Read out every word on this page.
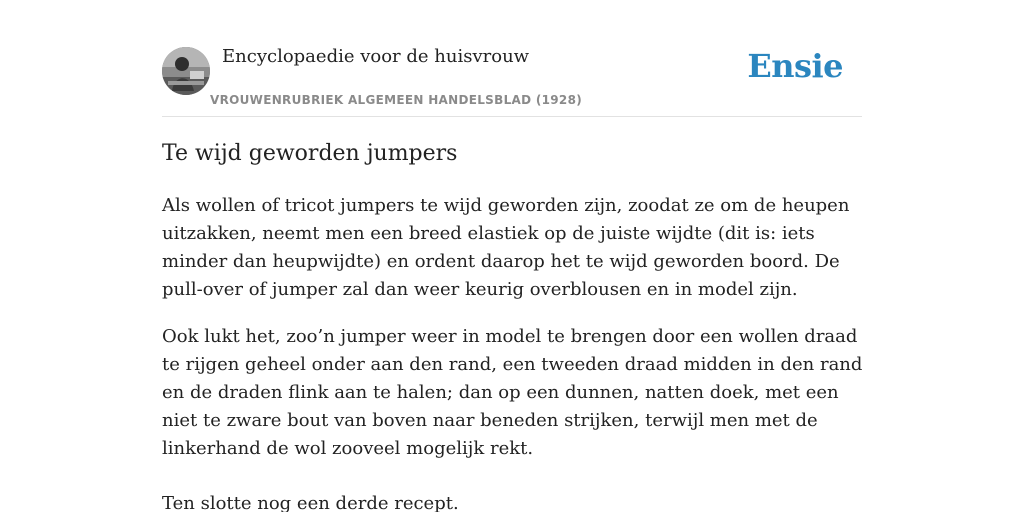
Encyclopaedie voor de huisvrouw
VROUWENRUBRIEK ALGEMEEN HANDELSBLAD (1928)
Ensie
Te wijd geworden jumpers

Als wollen of tricot jumpers te wijd geworden zijn, zoodat ze om de heupen uitzakken, neemt men een breed elastiek op de juiste wijdte (dit is: iets minder dan heupwijdte) en ordent daarop het te wijd geworden boord. De pull-over of jumper zal dan weer keurig overblousen en in model zijn.

Ook lukt het, zoo’n jumper weer in model te brengen door een wollen draad te rijgen geheel onder aan den rand, een tweeden draad midden in den rand en de draden flink aan te halen; dan op een dunnen, natten doek, met een niet te zware bout van boven naar beneden strijken, terwijl men met de linkerhand de wol zooveel mogelijk rekt.

Ten slotte nog een derde recept.
